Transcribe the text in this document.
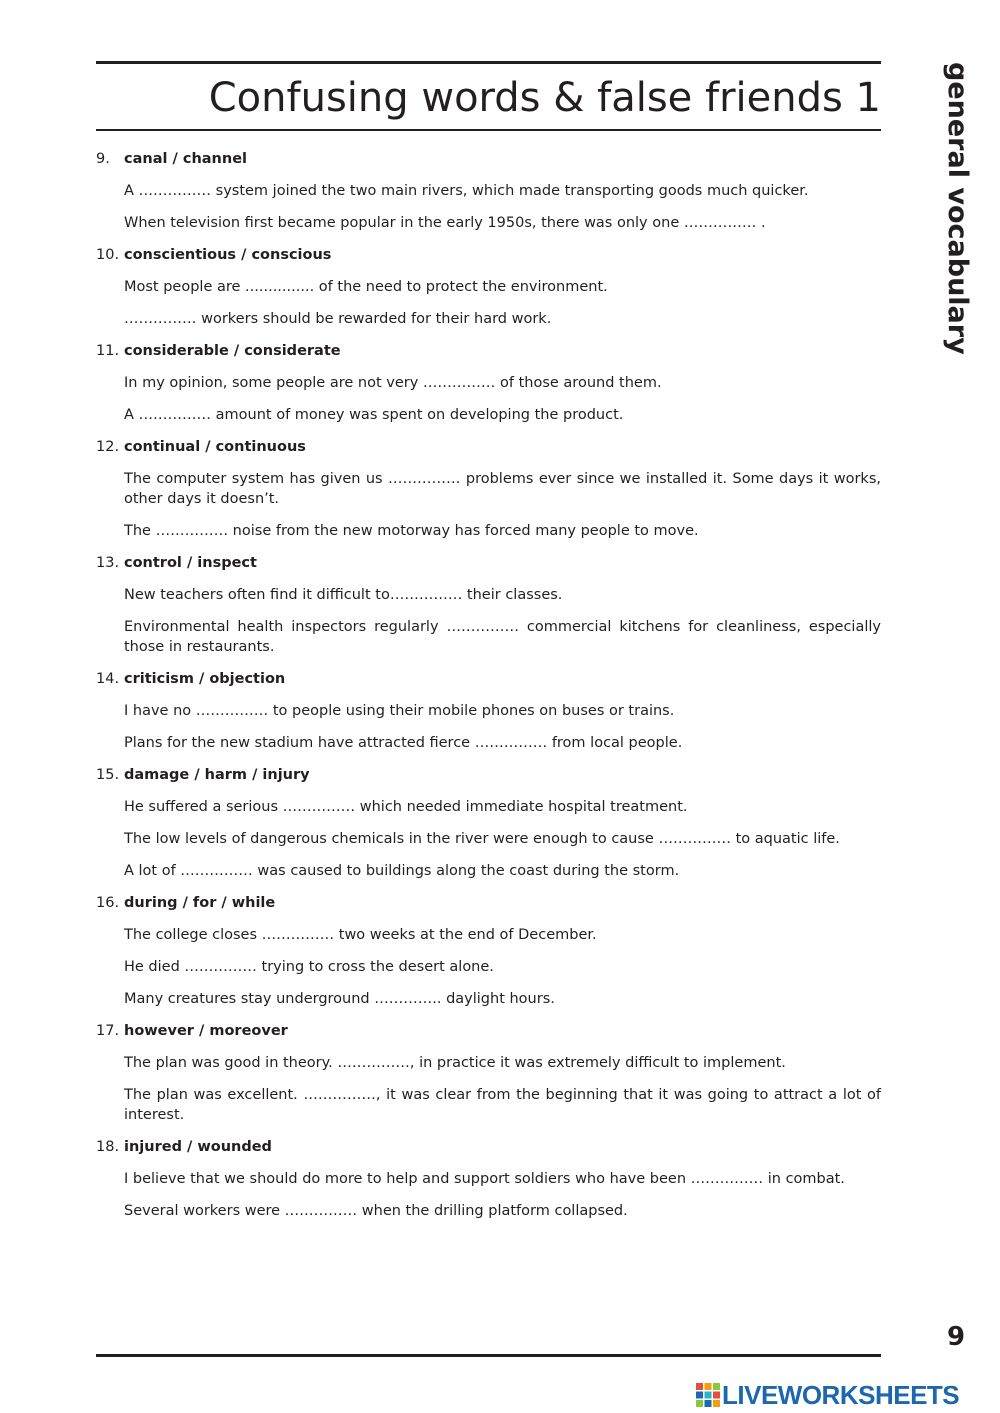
Confusing words & false friends 1 general vocabulary
9. canal / channel

A …………… system joined the two main rivers, which made transporting goods much quicker.

When television first became popular in the early 1950s, there was only one …………… .

10. conscientious / conscious

Most people are ............... of the need to protect the environment.

…………… workers should be rewarded for their hard work.

11. considerable / considerate

In my opinion, some people are not very …………… of those around them.

A …………… amount of money was spent on developing the product.

12. continual / continuous

The computer system has given us …………… problems ever since we installed it. Some days it works, other days it doesn’t.

The …………… noise from the new motorway has forced many people to move.

13. control / inspect

New teachers often find it difficult to…………… their classes.

Environmental health inspectors regularly …………… commercial kitchens for cleanliness, especially those in restaurants.

14. criticism / objection

I have no …………… to people using their mobile phones on buses or trains.

Plans for the new stadium have attracted fierce …………… from local people.

15. damage / harm / injury

He suffered a serious …………… which needed immediate hospital treatment.

The low levels of dangerous chemicals in the river were enough to cause …………… to aquatic life.

A lot of …………… was caused to buildings along the coast during the storm.

16. during / for / while

The college closes …………… two weeks at the end of December.

He died …………… trying to cross the desert alone.

Many creatures stay underground ………….. daylight hours.

17. however / moreover

The plan was good in theory. ……………, in practice it was extremely difficult to implement.

The plan was excellent. ……………, it was clear from the beginning that it was going to attract a lot of interest.

18. injured / wounded

I believe that we should do more to help and support soldiers who have been …………… in combat.

Several workers were …………… when the drilling platform collapsed.

9
LIVEWORKSHEETS
